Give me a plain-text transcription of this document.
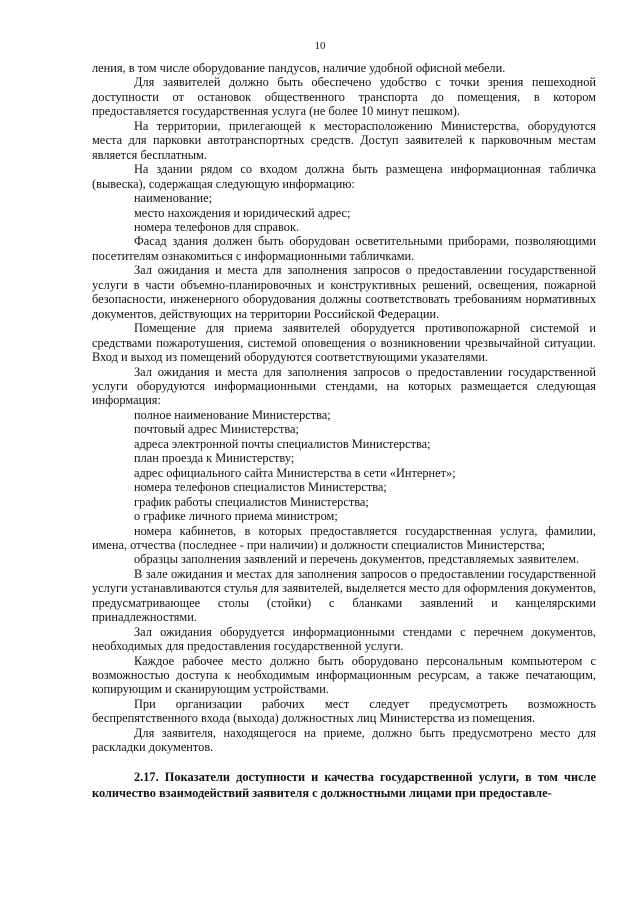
10

ления, в том числе оборудование пандусов, наличие удобной офисной мебели.

Для заявителей должно быть обеспечено удобство с точки зрения пешеходной доступности от остановок общественного транспорта до помещения, в котором предоставляется государственная услуга (не более 10 минут пешком).

На территории, прилегающей к месторасположению Министерства, оборудуются места для парковки автотранспортных средств. Доступ заявителей к парковочным местам является бесплатным.

На здании рядом со входом должна быть размещена информационная табличка (вывеска), содержащая следующую информацию:

наименование;

место нахождения и юридический адрес;

номера телефонов для справок.

Фасад здания должен быть оборудован осветительными приборами, позволяющими посетителям ознакомиться с информационными табличками.

Зал ожидания и места для заполнения запросов о предоставлении государственной услуги в части объемно-планировочных и конструктивных решений, освещения, пожарной безопасности, инженерного оборудования должны соответствовать требованиям нормативных документов, действующих на территории Российской Федерации.

Помещение для приема заявителей оборудуется противопожарной системой и средствами пожаротушения, системой оповещения о возникновении чрезвычайной ситуации. Вход и выход из помещений оборудуются соответствующими указателями.

Зал ожидания и места для заполнения запросов о предоставлении государственной услуги оборудуются информационными стендами, на которых размещается следующая информация:

полное наименование Министерства;

почтовый адрес Министерства;

адреса электронной почты специалистов Министерства;

план проезда к Министерству;

адрес официального сайта Министерства в сети «Интернет»;

номера телефонов специалистов Министерства;

график работы специалистов Министерства;

о графике личного приема министром;

номера кабинетов, в которых предоставляется государственная услуга, фамилии, имена, отчества (последнее - при наличии) и должности специалистов Министерства;

образцы заполнения заявлений и перечень документов, представляемых заявителем.

В зале ожидания и местах для заполнения запросов о предоставлении государственной услуги устанавливаются стулья для заявителей, выделяется место для оформления документов, предусматривающее столы (стойки) с бланками заявлений и канцелярскими принадлежностями.

Зал ожидания оборудуется информационными стендами с перечнем документов, необходимых для предоставления государственной услуги.

Каждое рабочее место должно быть оборудовано персональным компьютером с возможностью доступа к необходимым информационным ресурсам, а также печатающим, копирующим и сканирующим устройствами.

При организации рабочих мест следует предусмотреть возможность беспрепятственного входа (выхода) должностных лиц Министерства из помещения.

Для заявителя, находящегося на приеме, должно быть предусмотрено место для раскладки документов.

2.17. Показатели доступности и качества государственной услуги, в том числе количество взаимодействий заявителя с должностными лицами при предоставле-
